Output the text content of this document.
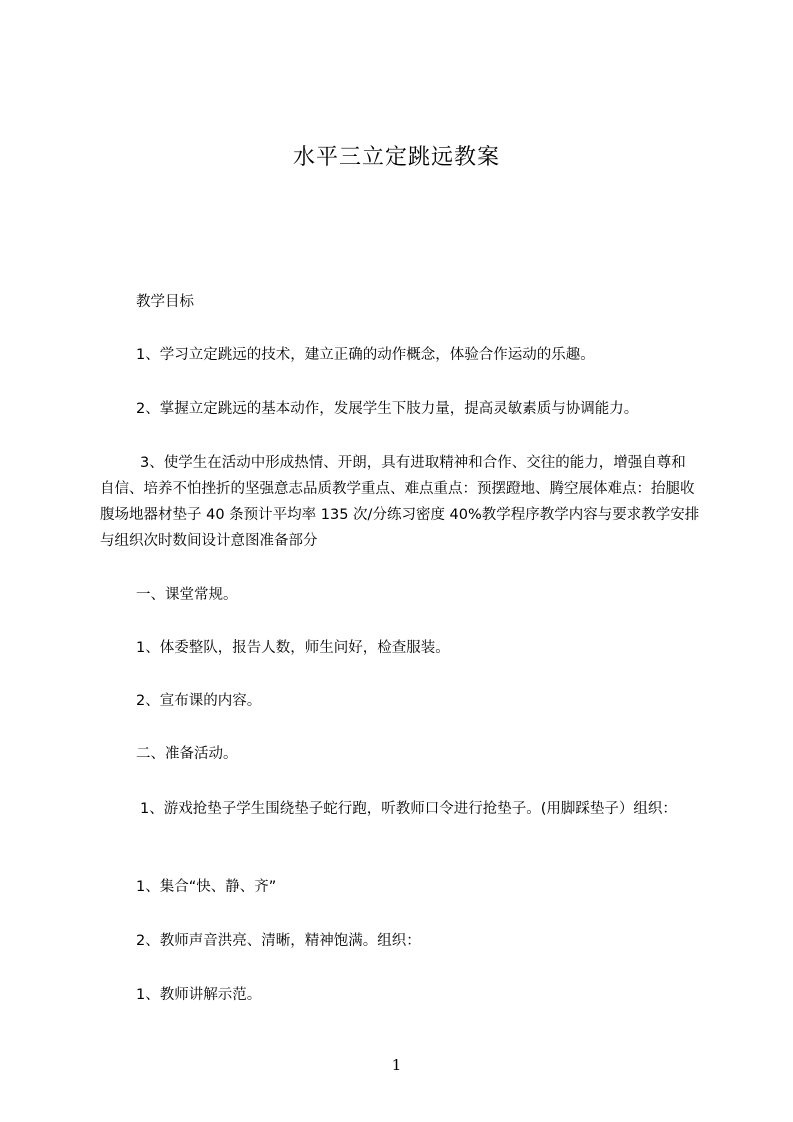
水平三立定跳远教案
教学目标
1、学习立定跳远的技术，建立正确的动作概念，体验合作运动的乐趣。
2、掌握立定跳远的基本动作，发展学生下肢力量，提高灵敏素质与协调能力。
3、使学生在活动中形成热情、开朗，具有进取精神和合作、交往的能力，增强自尊和自信、培养不怕挫折的坚强意志品质教学重点、难点重点：预摆蹬地、腾空展体难点：抬腿收腹场地器材垫子 40 条预计平均率 135 次/分练习密度 40%教学程序教学内容与要求教学安排与组织次时数间设计意图准备部分
一、课堂常规。
1、体委整队，报告人数，师生问好，检查服装。
2、宣布课的内容。
二、准备活动。
1、游戏抢垫子学生围绕垫子蛇行跑，听教师口令进行抢垫子。(用脚踩垫子）组织：
1、集合“快、静、齐”
2、教师声音洪亮、清晰，精神饱满。组织：
1、教师讲解示范。
1
